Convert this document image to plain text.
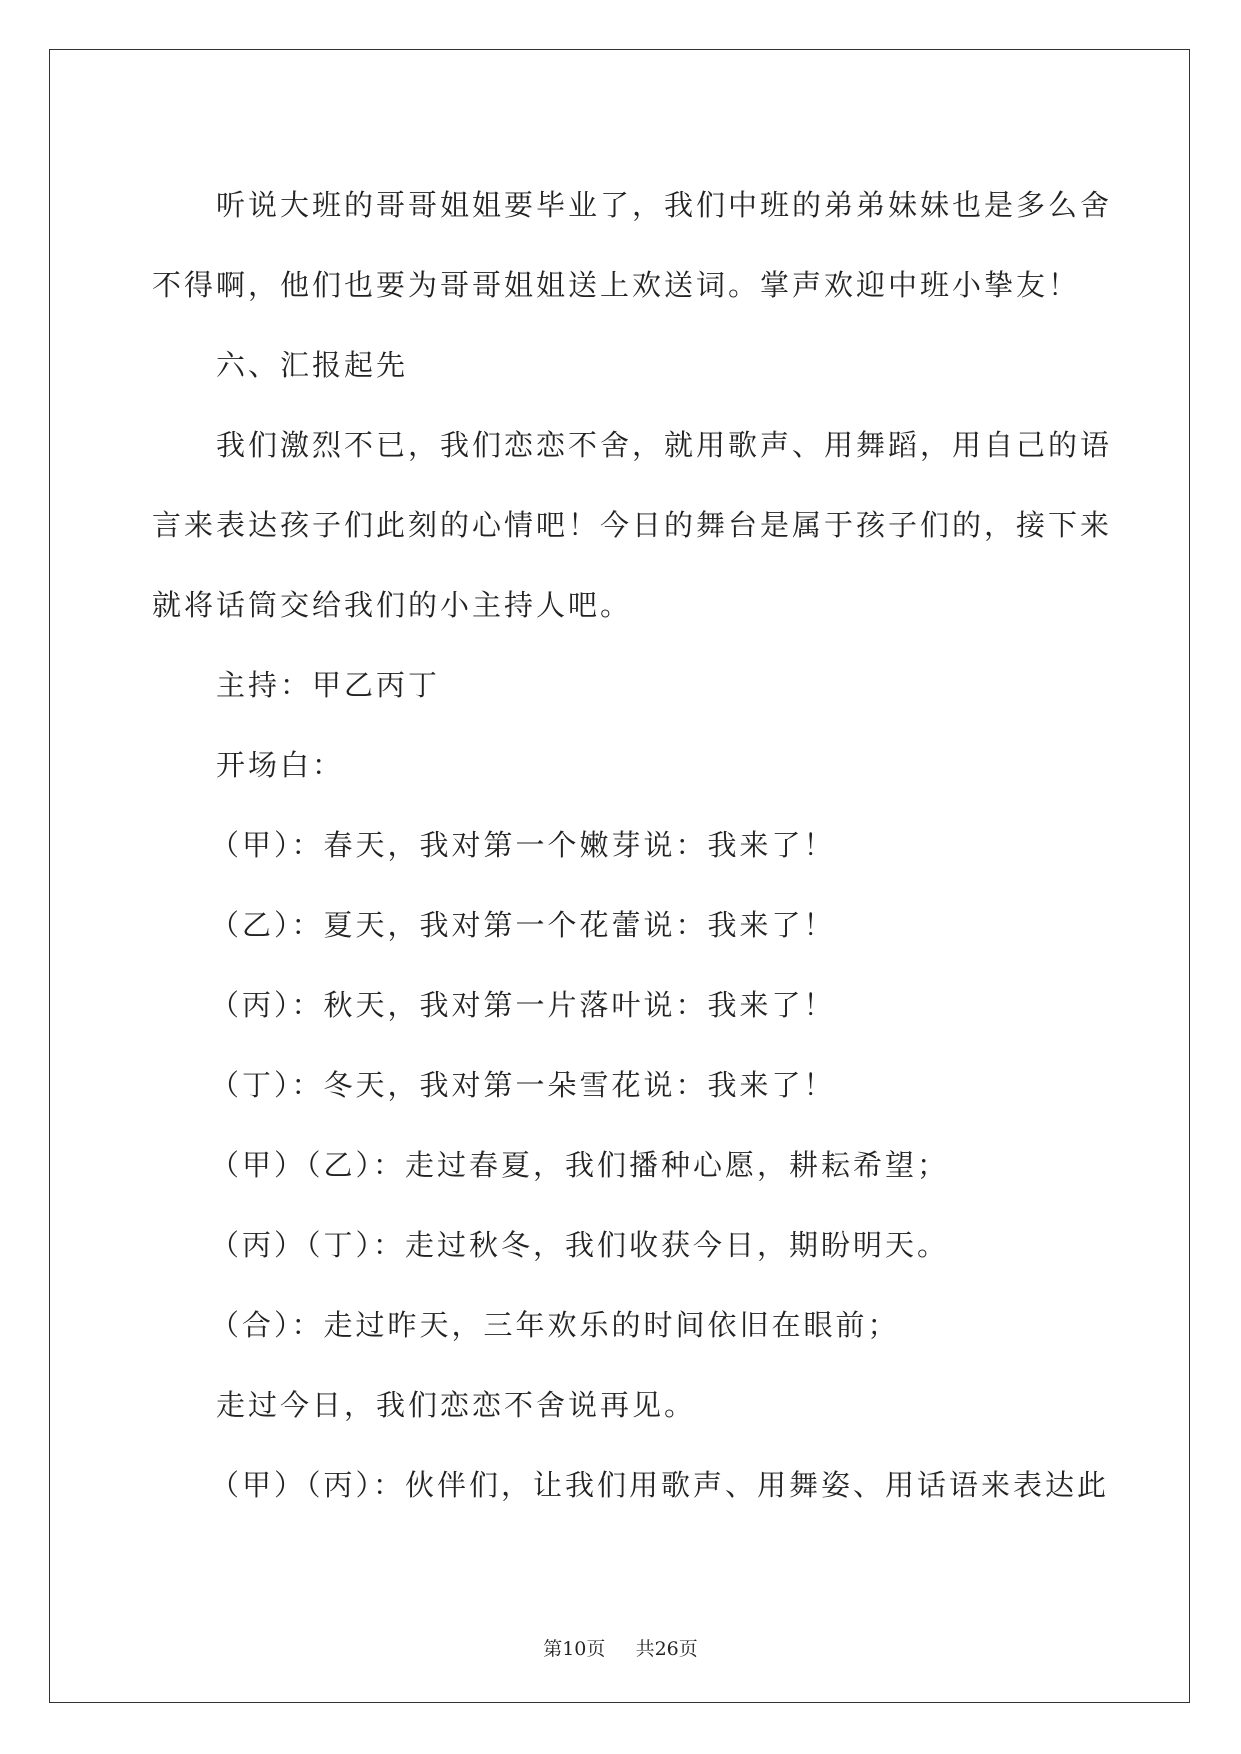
听说大班的哥哥姐姐要毕业了，我们中班的弟弟妹妹也是多么舍

不得啊，他们也要为哥哥姐姐送上欢送词。掌声欢迎中班小挚友！

六、汇报起先

我们激烈不已，我们恋恋不舍，就用歌声、用舞蹈，用自己的语

言来表达孩子们此刻的心情吧！今日的舞台是属于孩子们的，接下来

就将话筒交给我们的小主持人吧。

主持：甲乙丙丁

开场白：

（甲）：春天，我对第一个嫩芽说：我来了！

（乙）：夏天，我对第一个花蕾说：我来了！

（丙）：秋天，我对第一片落叶说：我来了！

（丁）：冬天，我对第一朵雪花说：我来了！

（甲）（乙）：走过春夏，我们播种心愿，耕耘希望；

（丙）（丁）：走过秋冬，我们收获今日，期盼明天。

（合）：走过昨天，三年欢乐的时间依旧在眼前；

走过今日，我们恋恋不舍说再见。

（甲）（丙）：伙伴们，让我们用歌声、用舞姿、用话语来表达此

第10页 共26页
